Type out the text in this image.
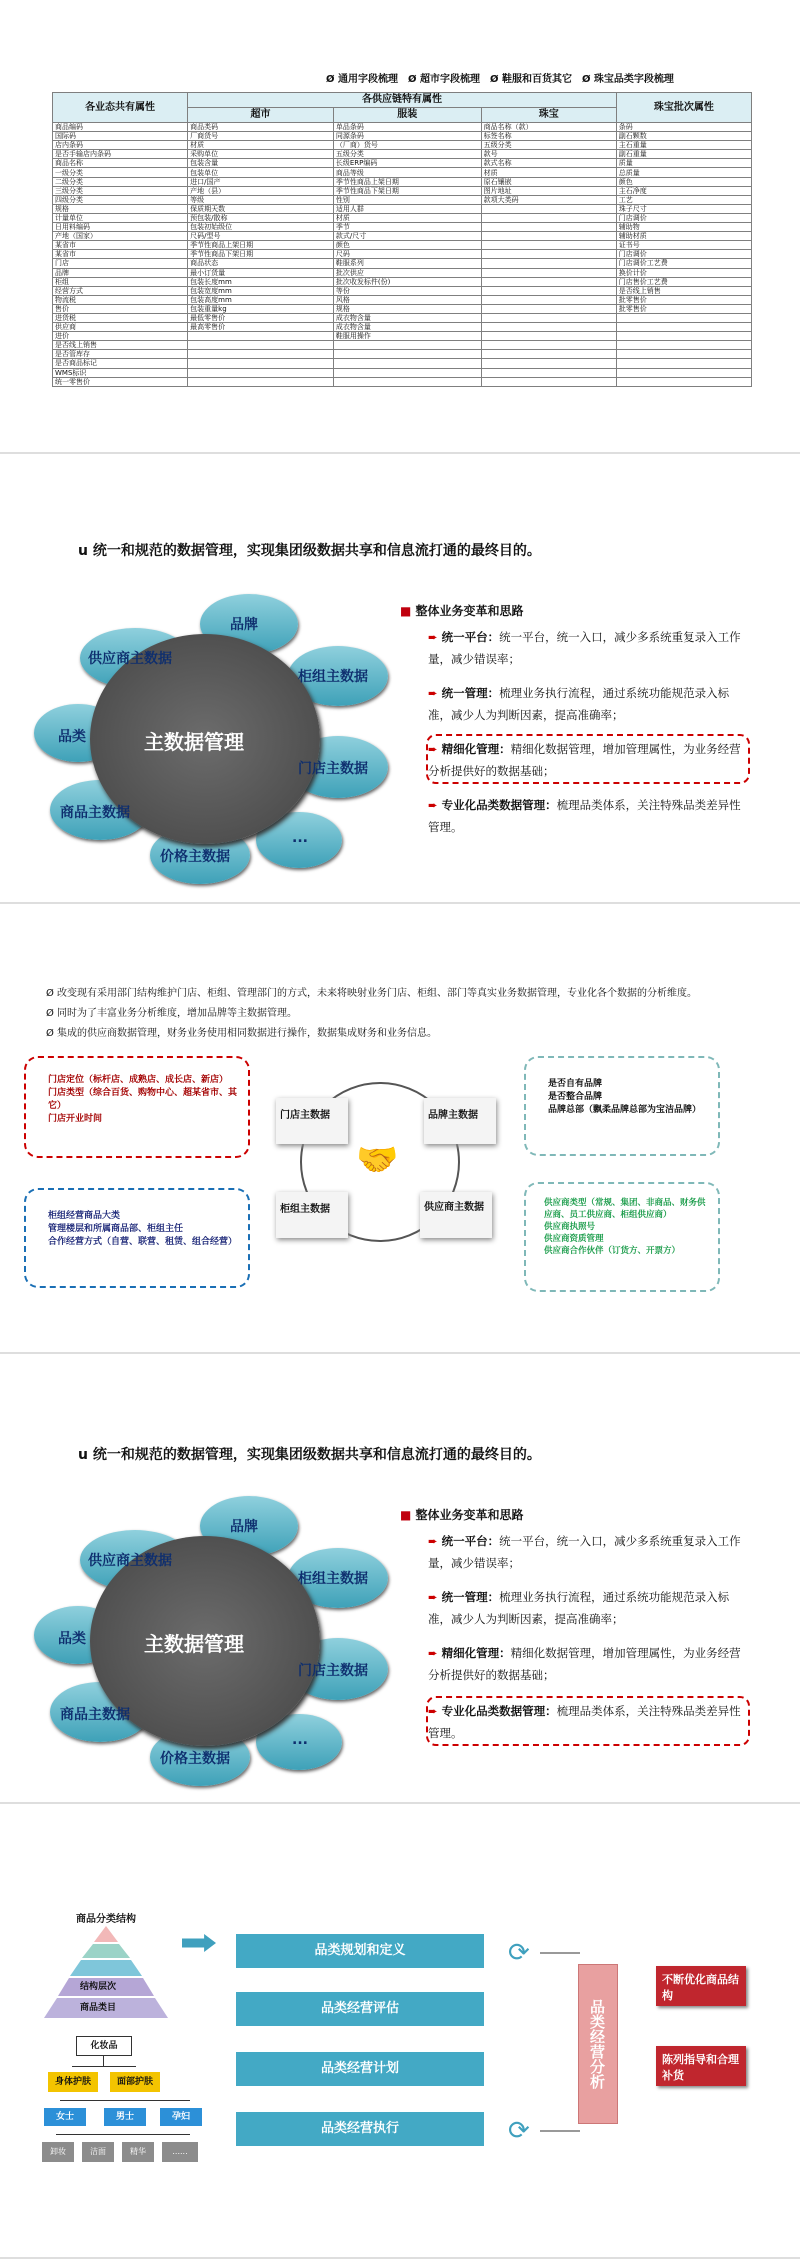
Ø 通用字段梳理 Ø 超市字段梳理 Ø 鞋服和百货其它 Ø 珠宝品类字段梳理
各业态共有属性	各供应链特有属性			珠宝批次属性
	超市	服装	珠宝	
商品编码	商品类码	单品条码	商品名称（款）	条码
国际码	厂商货号	同源条码	标签名称	副石颗数
店内条码	材质	（厂商）货号	五级分类	主石重量
是否手输店内条码	采购单位	五级分类	款号	副石重量
商品名称	包装含量	长级ERP编码	款式名称	质量
一级分类	包装单位	商品等级	材质	总质量
二级分类	进口/国产	季节性商品上架日期	原石镶嵌	颜色
三级分类	产地（县）	季节性商品下架日期	图片地址	主石净度
四级分类	等级	性别	款项大类码	工艺
规格	保质期天数	适用人群		珠子尺寸
计量单位	预包装/散称	材质		门店调价
日用料编码	包装初始级位	季节		辅助物
产地（国家）	尺码/型号	款式/尺寸		辅助材质
某省市	季节性商品上架日期	颜色		证书号
某省市	季节性商品下架日期	尺码		门店调价
门店	商品状态	鞋服系列		门店调价工艺费
品牌	最小订货量	批次供应		换价计价
柜组	包装长度mm	批次收发标件(份)		门店售价工艺费
经营方式	包装宽度mm	等份		是否线上销售
物流税	包装高度mm	风格		批零售价
售价	包装重量kg	规格		批零售价
进货税	最低零售价	成衣物含量		
供应商	最高零售价	成衣物含量		
进价		鞋服用操作		
是否线上销售				
是否管库存				
是否商品标记				
WMS标识				
统一零售价				
u 统一和规范的数据管理，实现集团级数据共享和信息流打通的最终目的。
主数据管理
品牌
柜组主数据
门店主数据
...
价格主数据
商品主数据
品类
供应商主数据
■ 整体业务变革和思路
➨ 统一平台：统一平台，统一入口，减少多系统重复录入工作量，减少错误率；
➨ 统一管理：梳理业务执行流程，通过系统功能规范录入标准，减少人为判断因素，提高准确率；
➨ 精细化管理：精细化数据管理，增加管理属性，为业务经营分析提供好的数据基础；
➨ 专业化品类数据管理：梳理品类体系，关注特殊品类差异性管理。
Ø 改变现有采用部门结构维护门店、柜组、管理部门的方式，未来将映射业务门店、柜组、部门等真实业务数据管理，专业化各个数据的分析维度。
Ø 同时为了丰富业务分析维度，增加品牌等主数据管理。
Ø 集成的供应商数据管理，财务业务使用相同数据进行操作，数据集成财务和业务信息。
🤝
门店主数据	品牌主数据
柜组主数据	供应商主数据
门店定位（标杆店、成熟店、成长店、新店）
门店类型（综合百货、购物中心、超某省市、其它）
门店开业时间
是否自有品牌
是否整合品牌
品牌总部（飘柔品牌总部为宝洁品牌）
柜组经营商品大类
管理楼层和所属商品部、柜组主任
合作经营方式（自营、联营、租赁、组合经营）
供应商类型（常规、集团、非商品、财务供应商、员工供应商、柜组供应商）
供应商执照号
供应商资质管理
供应商合作伙伴（订货方、开票方）
u 统一和规范的数据管理，实现集团级数据共享和信息流打通的最终目的。
主数据管理
品牌
柜组主数据
门店主数据
...
价格主数据
商品主数据
品类
供应商主数据
■ 整体业务变革和思路
➨ 统一平台：统一平台，统一入口，减少多系统重复录入工作量，减少错误率；
➨ 统一管理：梳理业务执行流程，通过系统功能规范录入标准，减少人为判断因素，提高准确率；
➨ 精细化管理：精细化数据管理，增加管理属性，为业务经营分析提供好的数据基础；
➨ 专业化品类数据管理：梳理品类体系，关注特殊品类差异性管理。
商品分类结构
结构层次
商品类目
化妆品
身体护肤	面部护肤
女士	男士	孕妇
卸妆	洁面	精华	......
品类规划和定义
品类经营评估
品类经营计划
品类经营执行
⟳
⟳
品类经营分析
不断优化商品结构
陈列指导和合理补货
